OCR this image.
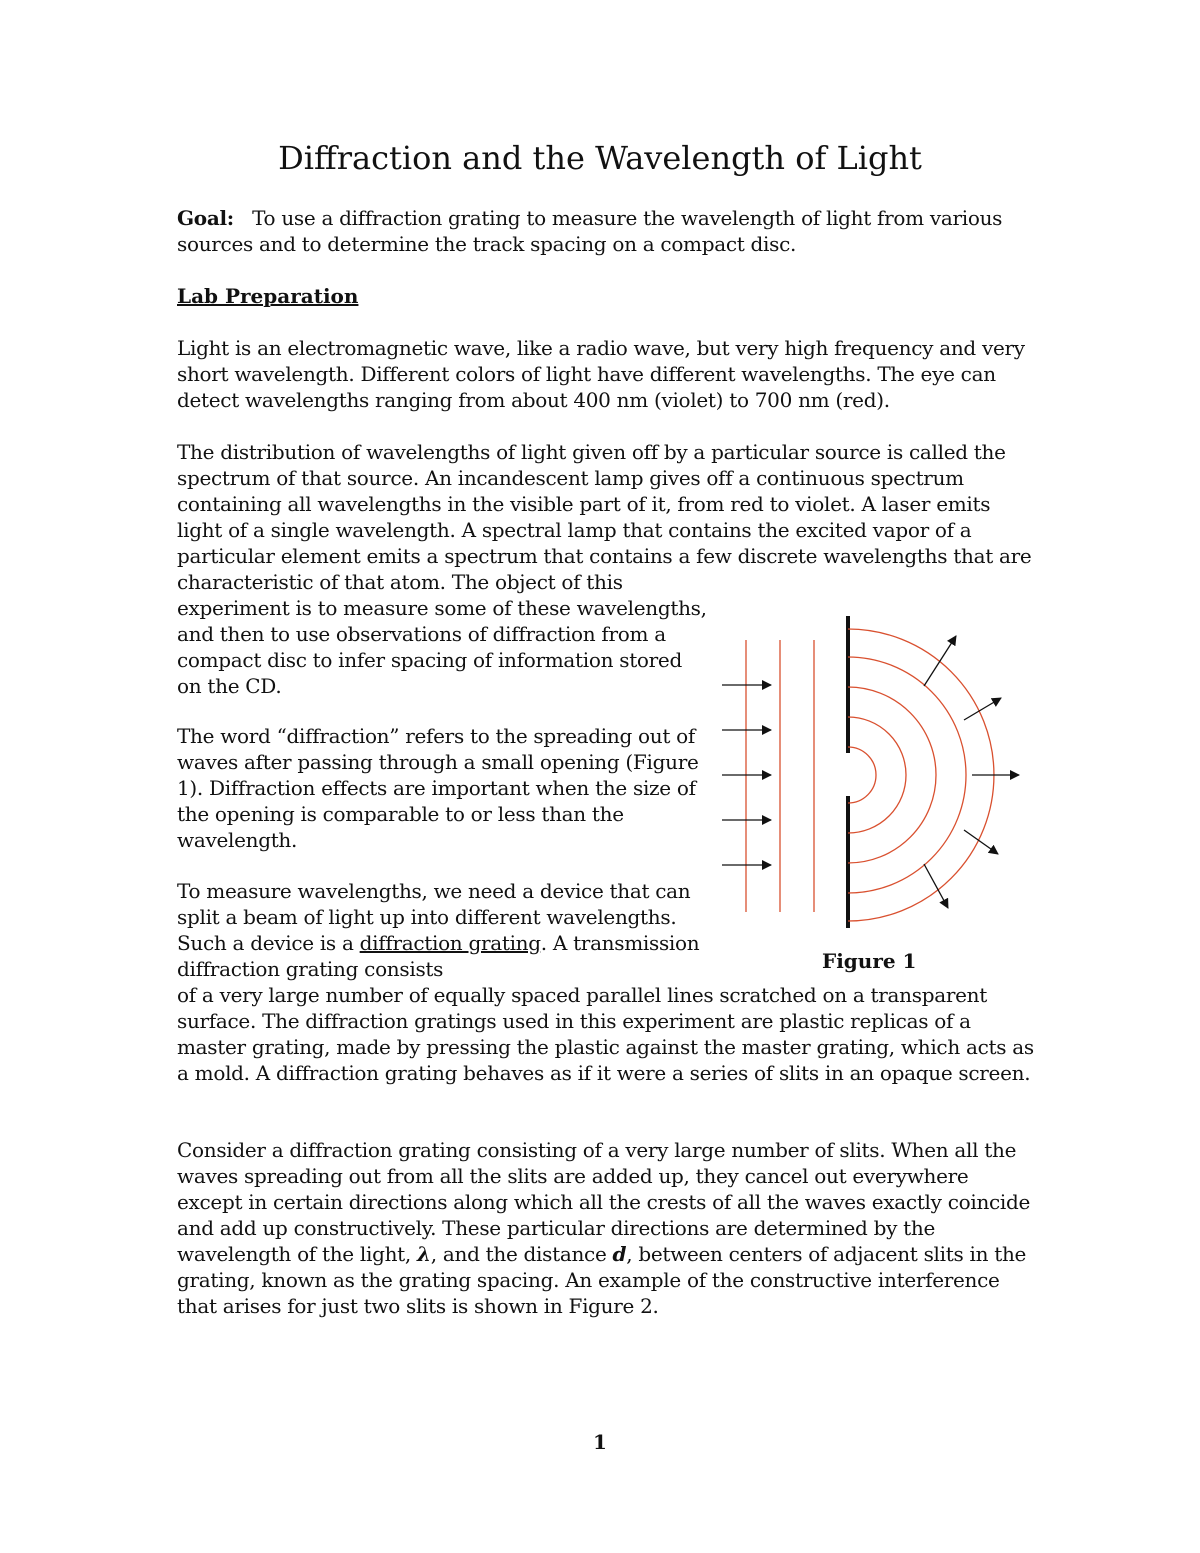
Diffraction and the Wavelength of Light

Goal: To use a diffraction grating to measure the wavelength of light from various sources and to determine the track spacing on a compact disc.

Lab Preparation

Light is an electromagnetic wave, like a radio wave, but very high frequency and very short wavelength. Different colors of light have different wavelengths. The eye can detect wavelengths ranging from about 400 nm (violet) to 700 nm (red).

The distribution of wavelengths of light given off by a particular source is called the spectrum of that source. An incandescent lamp gives off a continuous spectrum containing all wavelengths in the visible part of it, from red to violet. A laser emits light of a single wavelength. A spectral lamp that contains the excited vapor of a particular element emits a spectrum that contains a few discrete wavelengths that are characteristic of that atom. The object of this

experiment is to measure some of these wavelengths, and then to use observations of diffraction from a compact disc to infer spacing of information stored on the CD.

The word “diffraction” refers to the spreading out of waves after passing through a small opening (Figure 1). Diffraction effects are important when the size of the opening is comparable to or less than the wavelength.

To measure wavelengths, we need a device that can split a beam of light up into different wavelengths. Such a device is a diffraction grating. A transmission diffraction grating consists

of a very large number of equally spaced parallel lines scratched on a transparent surface. The diffraction gratings used in this experiment are plastic replicas of a master grating, made by pressing the plastic against the master grating, which acts as a mold. A diffraction grating behaves as if it were a series of slits in an opaque screen.

Consider a diffraction grating consisting of a very large number of slits. When all the waves spreading out from all the slits are added up, they cancel out everywhere except in certain directions along which all the crests of all the waves exactly coincide and add up constructively. These particular directions are determined by the wavelength of the light, λ, and the distance d, between centers of adjacent slits in the grating, known as the grating spacing. An example of the constructive interference that arises for just two slits is shown in Figure 2.

Figure 1
1
